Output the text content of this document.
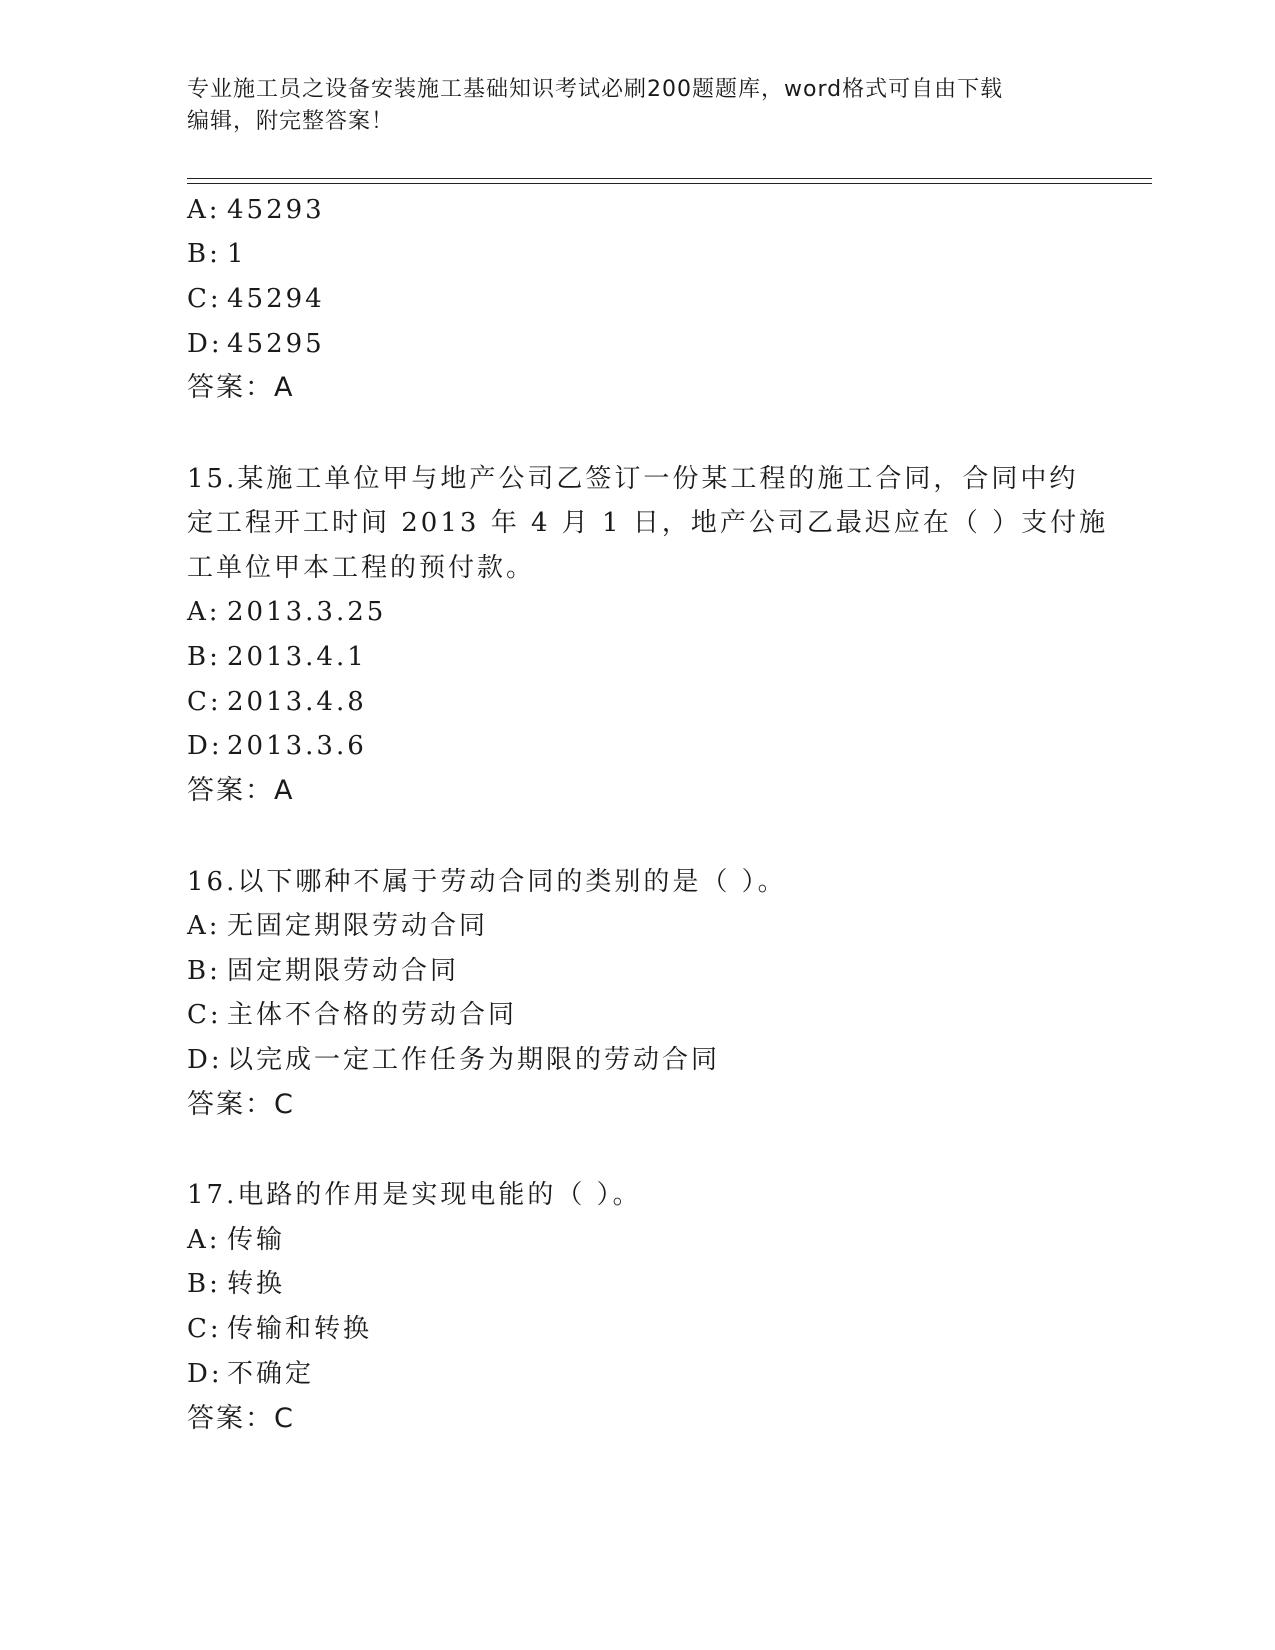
专业施工员之设备安装施工基础知识考试必刷200题题库，word格式可自由下载
编辑，附完整答案！
A: 45293
B: 1
C: 45294
D: 45295
答案：A
15.某施工单位甲与地产公司乙签订一份某工程的施工合同，合同中约
定工程开工时间 2013 年 4 月 1 日，地产公司乙最迟应在（ ）支付施
工单位甲本工程的预付款。
A: 2013.3.25
B: 2013.4.1
C: 2013.4.8
D: 2013.3.6
答案：A
16.以下哪种不属于劳动合同的类别的是（ ）。
A: 无固定期限劳动合同
B: 固定期限劳动合同
C: 主体不合格的劳动合同
D: 以完成一定工作任务为期限的劳动合同
答案：C
17.电路的作用是实现电能的（ ）。
A: 传输
B: 转换
C: 传输和转换
D: 不确定
答案：C
